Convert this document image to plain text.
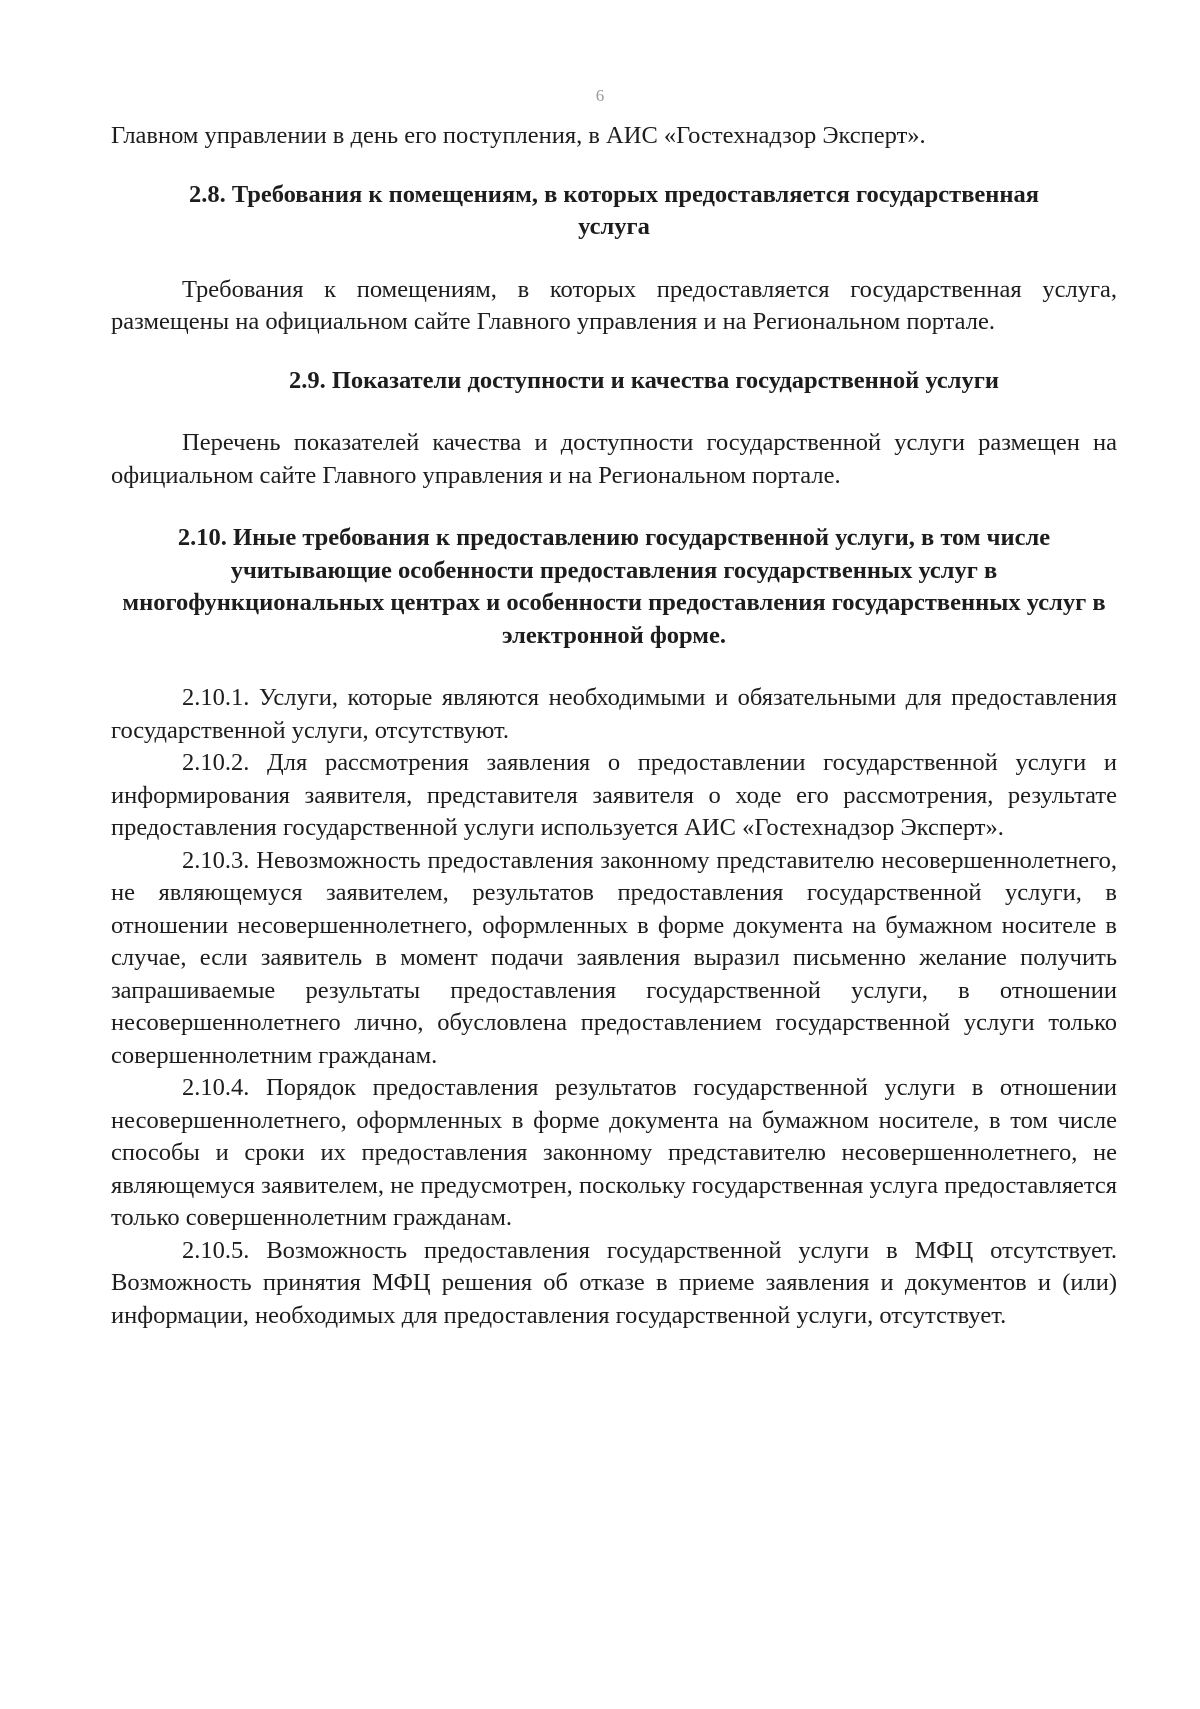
6

Главном управлении в день его поступления, в АИС «Гостехнадзор Эксперт».

2.8. Требования к помещениям, в которых предоставляется государственная услуга

Требования к помещениям, в которых предоставляется государственная услуга, размещены на официальном сайте Главного управления и на Региональном портале.

2.9. Показатели доступности и качества государственной услуги

Перечень показателей качества и доступности государственной услуги размещен на официальном сайте Главного управления и на Региональном портале.

2.10. Иные требования к предоставлению государственной услуги, в том числе учитывающие особенности предоставления государственных услуг в многофункциональных центрах и особенности предоставления государственных услуг в электронной форме.

2.10.1. Услуги, которые являются необходимыми и обязательными для предоставления государственной услуги, отсутствуют.

2.10.2. Для рассмотрения заявления о предоставлении государственной услуги и информирования заявителя, представителя заявителя о ходе его рассмотрения, результате предоставления государственной услуги используется АИС «Гостехнадзор Эксперт».

2.10.3. Невозможность предоставления законному представителю несовершеннолетнего, не являющемуся заявителем, результатов предоставления государственной услуги, в отношении несовершеннолетнего, оформленных в форме документа на бумажном носителе в случае, если заявитель в момент подачи заявления выразил письменно желание получить запрашиваемые результаты предоставления государственной услуги, в отношении несовершеннолетнего лично, обусловлена предоставлением государственной услуги только совершеннолетним гражданам.

2.10.4. Порядок предоставления результатов государственной услуги в отношении несовершеннолетнего, оформленных в форме документа на бумажном носителе, в том числе способы и сроки их предоставления законному представителю несовершеннолетнего, не являющемуся заявителем, не предусмотрен, поскольку государственная услуга предоставляется только совершеннолетним гражданам.

2.10.5. Возможность предоставления государственной услуги в МФЦ отсутствует. Возможность принятия МФЦ решения об отказе в приеме заявления и документов и (или) информации, необходимых для предоставления государственной услуги, отсутствует.
